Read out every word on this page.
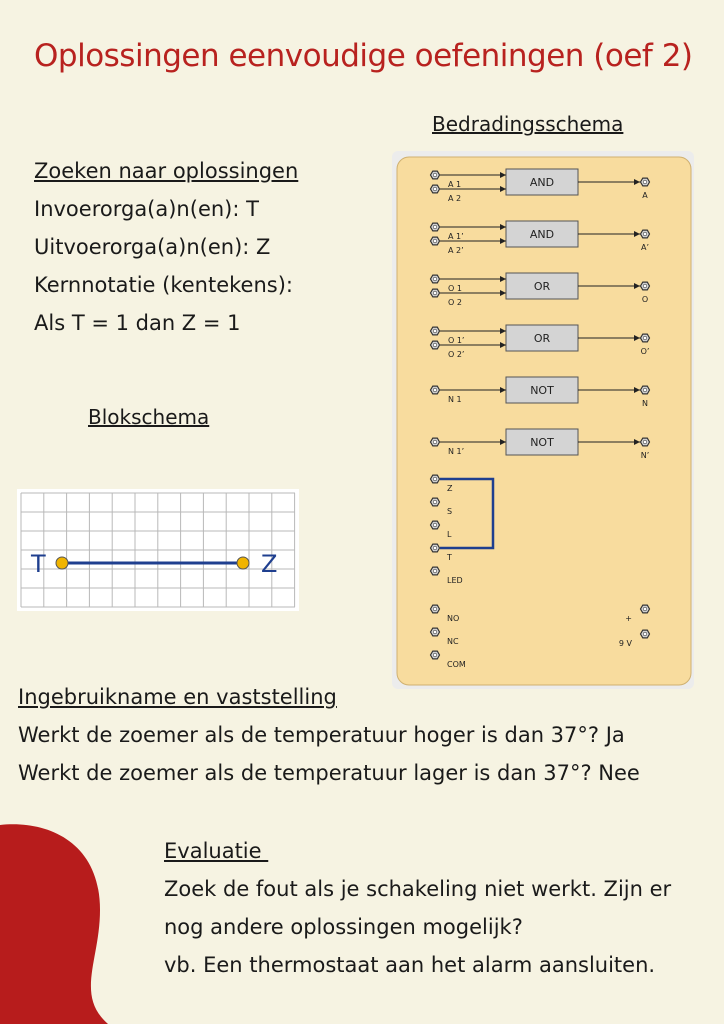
Oplossingen eenvoudige oefeningen (oef 2)
Zoeken naar oplossingen
Invoerorga(a)n(en): T
Uitvoerorga(a)n(en): Z
Kernnotatie (kentekens):
Als T = 1 dan Z = 1
Bedradingsschema
Blokschema
T	Z
AND
A 1
A 2	A
AND
A 1’
A 2’	A’
OR
O 1
O 2	O
OR
O 1’
O 2’	O’
NOT
N 1	N
NOT
N 1’	N’
Z
S
L
T
LED
NO
NC
COM
+
9 V
Ingebruikname en vaststelling
Werkt de zoemer als de temperatuur hoger is dan 37°? Ja
Werkt de zoemer als de temperatuur lager is dan 37°? Nee
Evaluatie
Zoek de fout als je schakeling niet werkt. Zijn er
nog andere oplossingen mogelijk?
vb. Een thermostaat aan het alarm aansluiten.
